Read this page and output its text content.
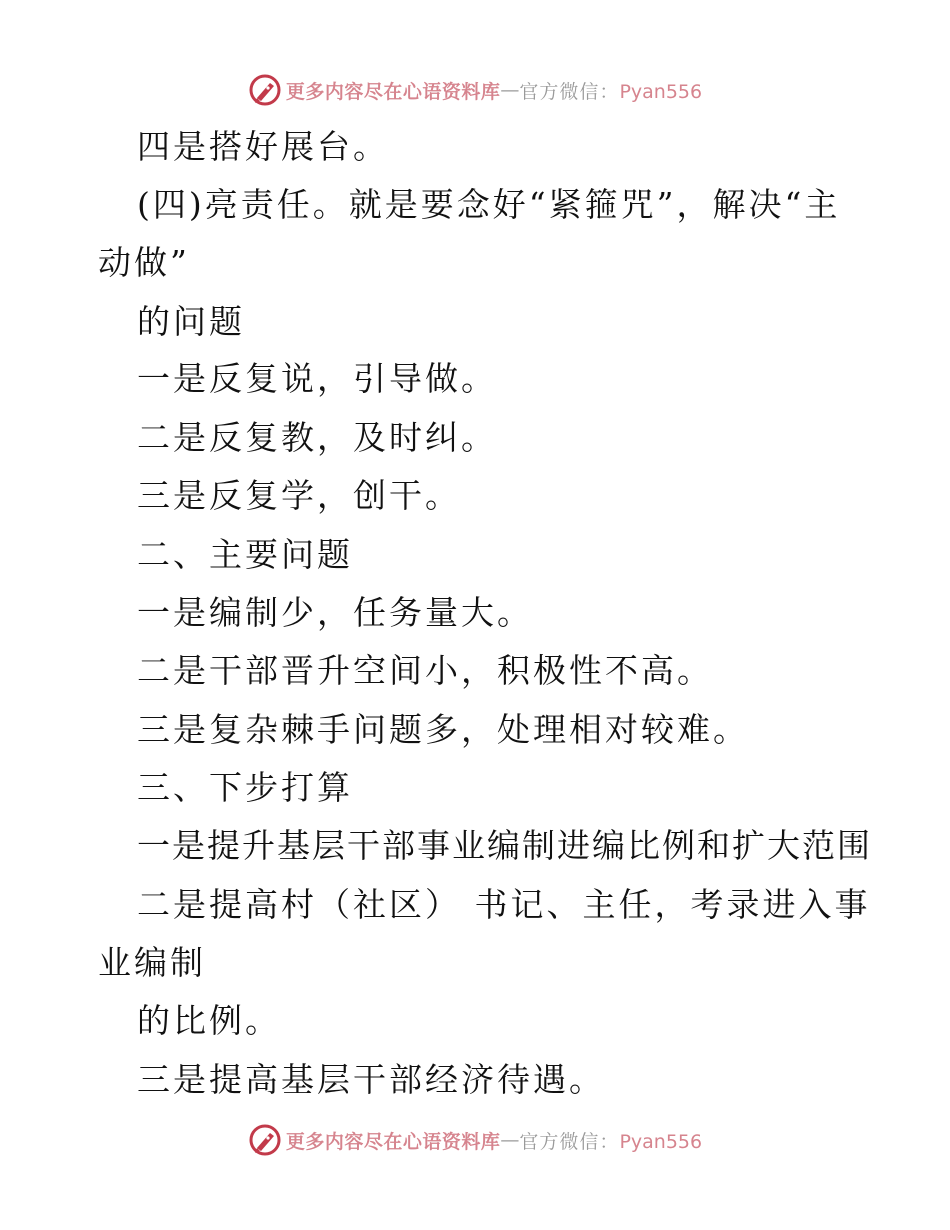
更多内容尽在心语资料库 — 官方微信：Pyan556
四是搭好展台。
(四)亮责任。就是要念好“紧箍咒”，解决“主
动做”
的问题
一是反复说，引导做。
二是反复教，及时纠。
三是反复学，创干。
二、主要问题
一是编制少，任务量大。
二是干部晋升空间小，积极性不高。
三是复杂棘手问题多，处理相对较难。
三、下步打算
一是提升基层干部事业编制进编比例和扩大范围
二是提高村（社区） 书记、主任，考录进入事
业编制
的比例。
三是提高基层干部经济待遇。
更多内容尽在心语资料库 — 官方微信：Pyan556
